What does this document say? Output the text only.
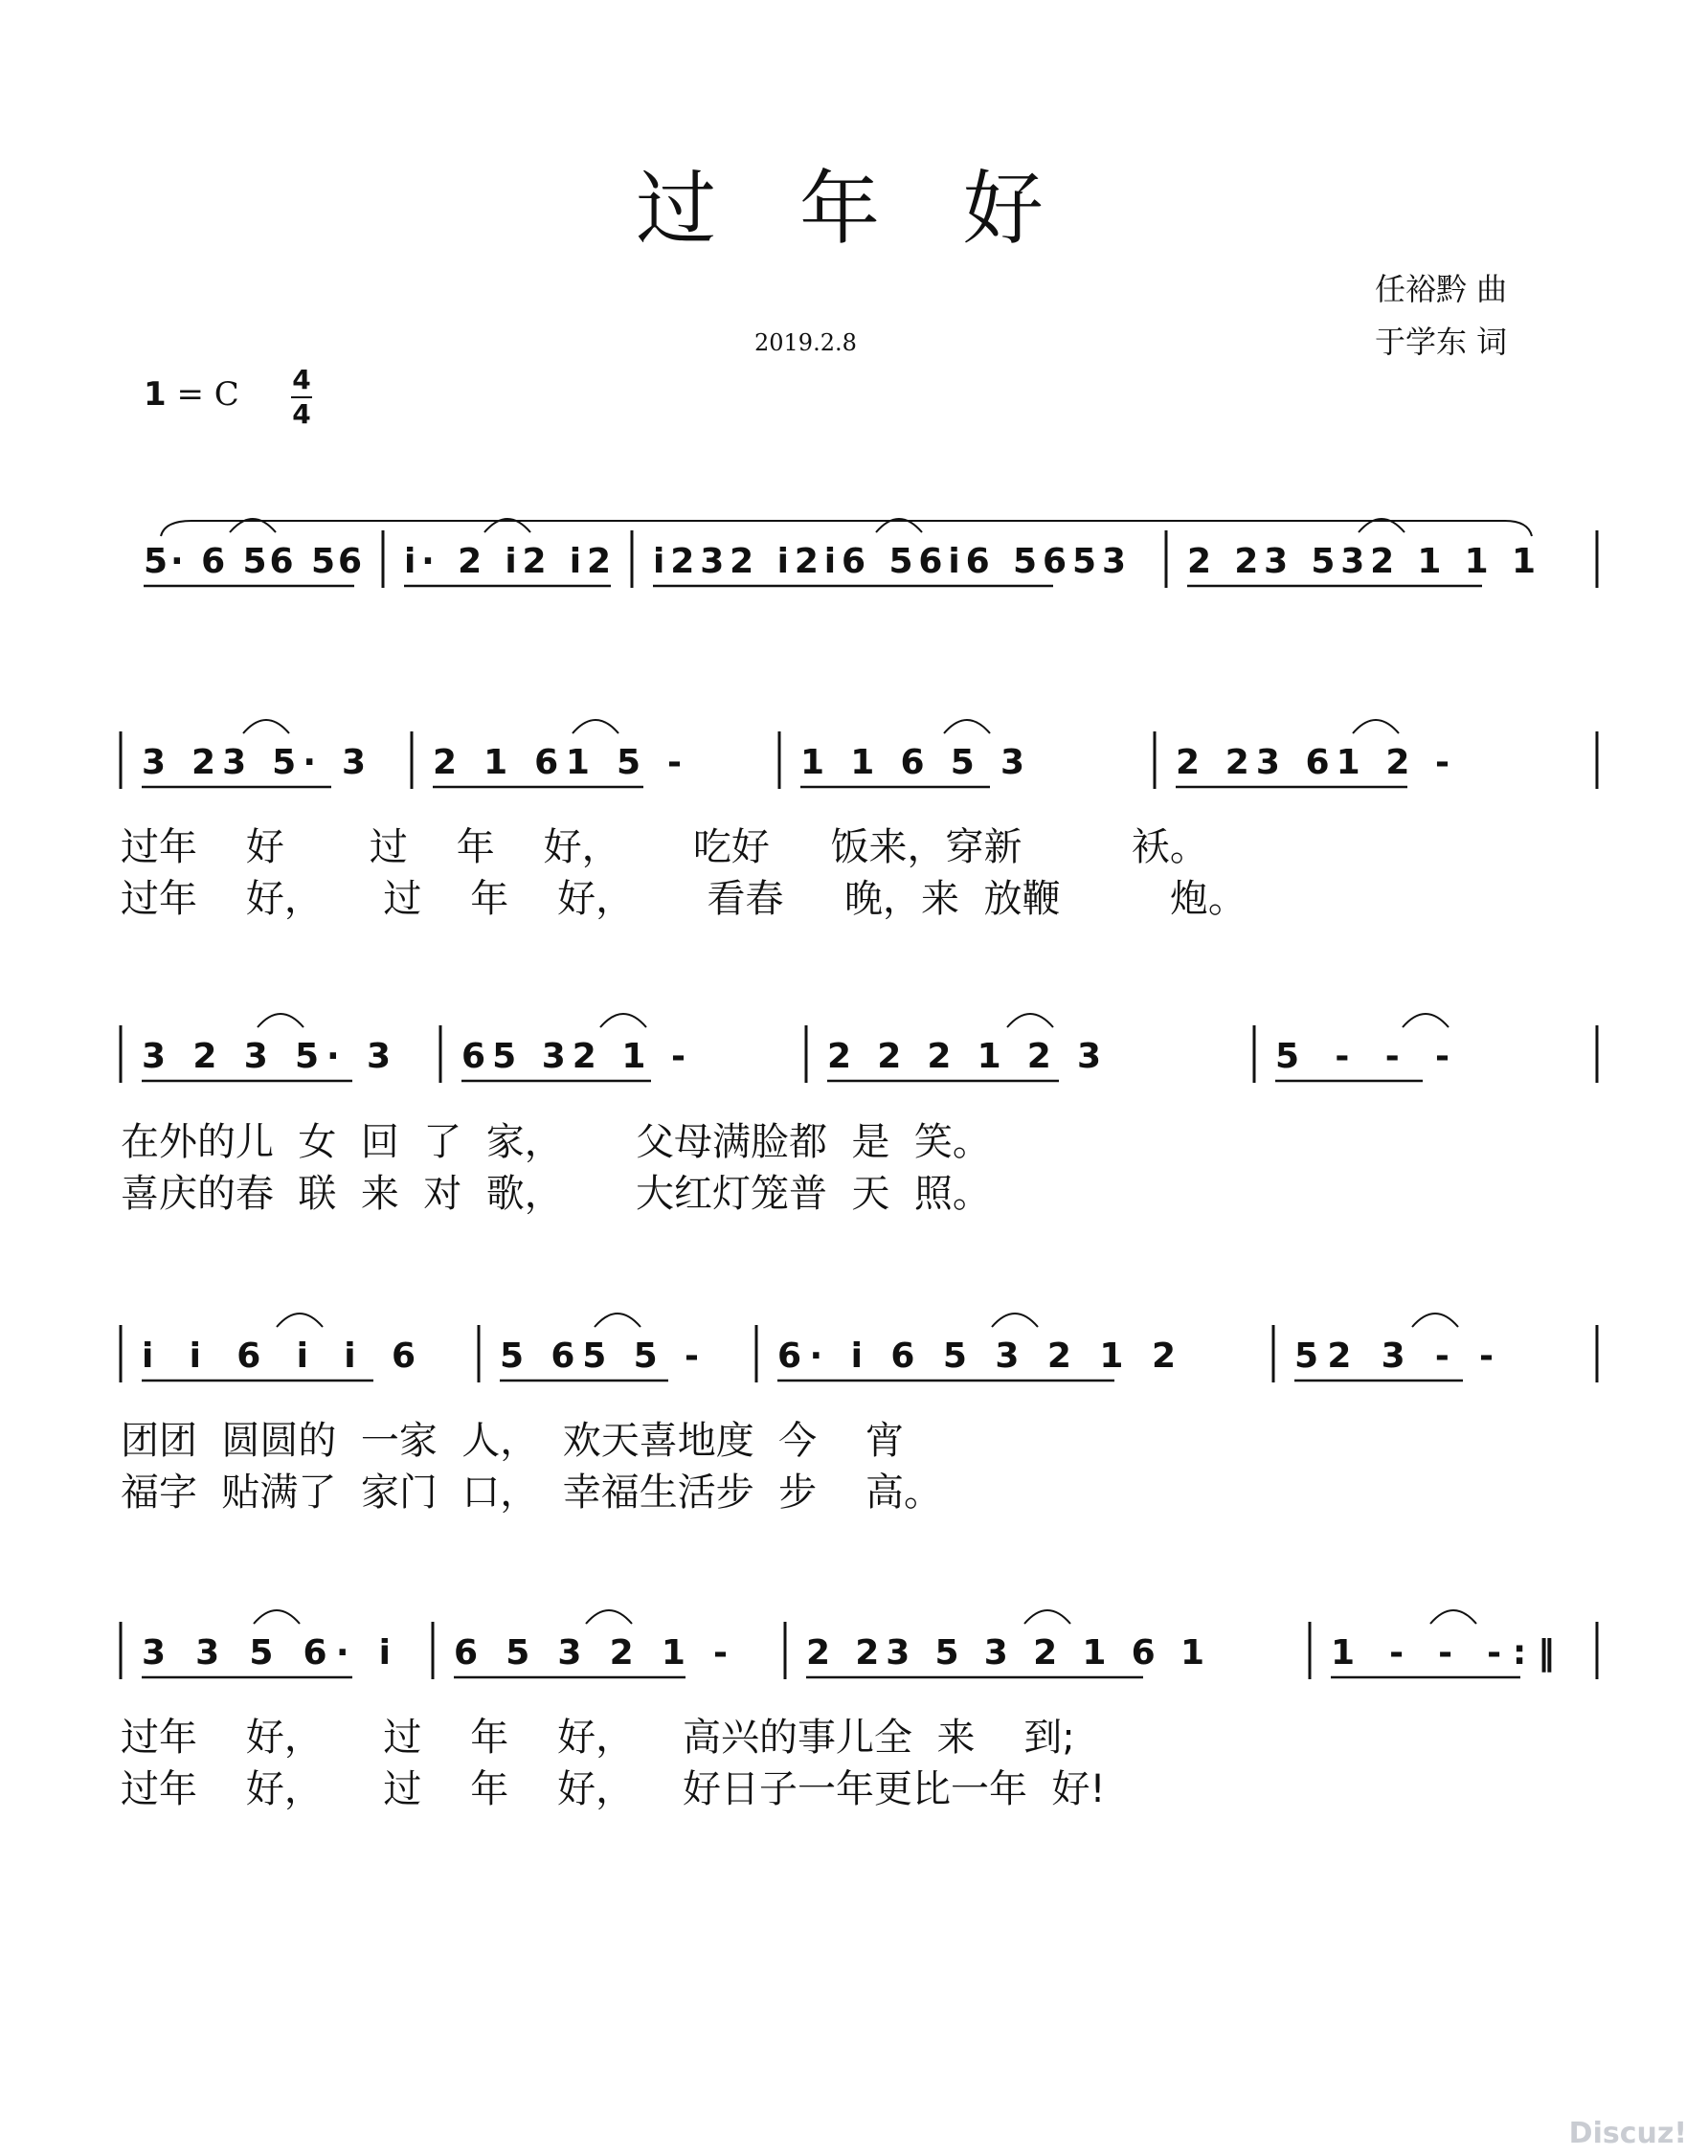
过 年 好
任裕黔 曲
于学东 词
2019.2.8
1 = C 4
4
5· 6 56 56 i· 2 i2 i2 i232 i2i6 56i6 5653 2 23 532 1 1 1
3 23 5· 3 2 1 61 5 -	1 1 6 5 3	2 23 61 2 -
3 2 3 5· 3 65 32 1 -	2 2 2 1 2 3	5 - - -
i i 6 i i 6 5 65 5 - 6· i 6 5 3 2 1 2	52 3 - -
3 3 5 6· i 6 5 3 2 1 - 2 23 5 3 2 1 6 1	1 - - -:‖
过年    好       过    年    好，      吃好     饭来，穿新         袄。
过年    好，     过    年    好，      看春     晚，来  放鞭         炮。
在外的儿  女  回  了  家，      父母满脸都  是  笑。
喜庆的春  联  来  对  歌，      大红灯笼普  天  照。
团团  圆圆的  一家  人，  欢天喜地度  今    宵
福字  贴满了  家门  口，  幸福生活步  步    高。
过年    好，     过    年    好，    高兴的事儿全  来    到;
过年    好，     过    年    好，    好日子一年更比一年  好!
Discuz!
